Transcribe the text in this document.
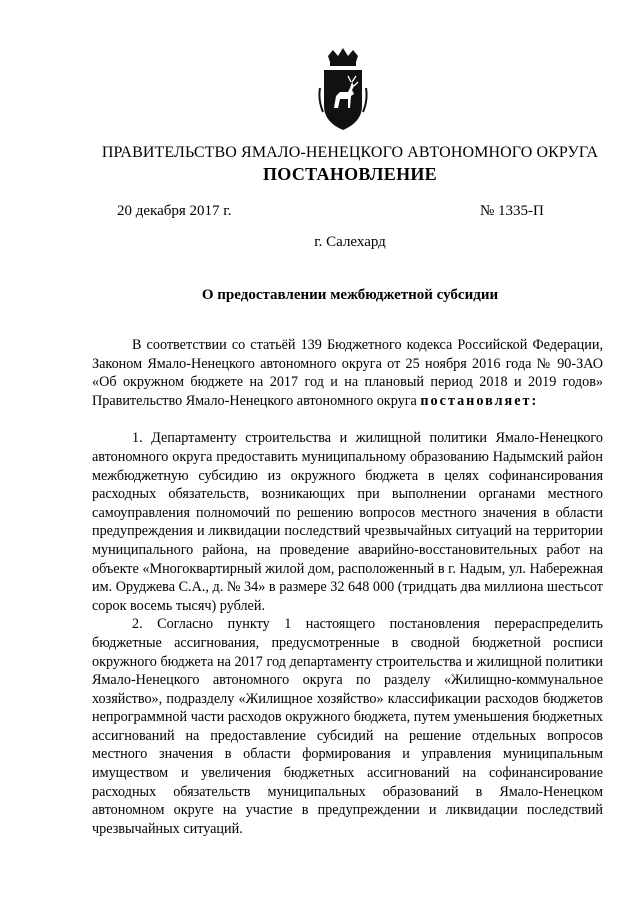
ПРАВИТЕЛЬСТВО ЯМАЛО-НЕНЕЦКОГО АВТОНОМНОГО ОКРУГА
ПОСТАНОВЛЕНИЕ
20 декабря 2017 г.	№ 1335-П
г. Салехард
О предоставлении межбюджетной субсидии

В соответствии со статьёй 139 Бюджетного кодекса Российской Федерации, Законом Ямало-Ненецкого автономного округа от 25 ноября 2016 года № 90-ЗАО «Об окружном бюджете на 2017 год и на плановый период 2018 и 2019 годов» Правительство Ямало-Ненецкого автономного округа постановляет:

1. Департаменту строительства и жилищной политики Ямало-Ненецкого автономного округа предоставить муниципальному образованию Надымский район межбюджетную субсидию из окружного бюджета в целях софинансирования расходных обязательств, возникающих при выполнении органами местного самоуправления полномочий по решению вопросов местного значения в области предупреждения и ликвидации последствий чрезвычайных ситуаций на территории муниципального района, на проведение аварийно-восстановительных работ на объекте «Многоквартирный жилой дом, расположенный в г. Надым, ул. Набережная им. Оруджева С.А., д. № 34» в размере 32 648 000 (тридцать два миллиона шестьсот сорок восемь тысяч) рублей.

2. Согласно пункту 1 настоящего постановления перераспределить бюджетные ассигнования, предусмотренные в сводной бюджетной росписи окружного бюджета на 2017 год департаменту строительства и жилищной политики Ямало-Ненецкого автономного округа по разделу «Жилищно-коммунальное хозяйство», подразделу «Жилищное хозяйство» классификации расходов бюджетов непрограммной части расходов окружного бюджета, путем уменьшения бюджетных ассигнований на предоставление субсидий на решение отдельных вопросов местного значения в области формирования и управления муниципальным имуществом и увеличения бюджетных ассигнований на софинансирование расходных обязательств муниципальных образований в Ямало-Ненецком автономном округе на участие в предупреждении и ликвидации последствий чрезвычайных ситуаций.
